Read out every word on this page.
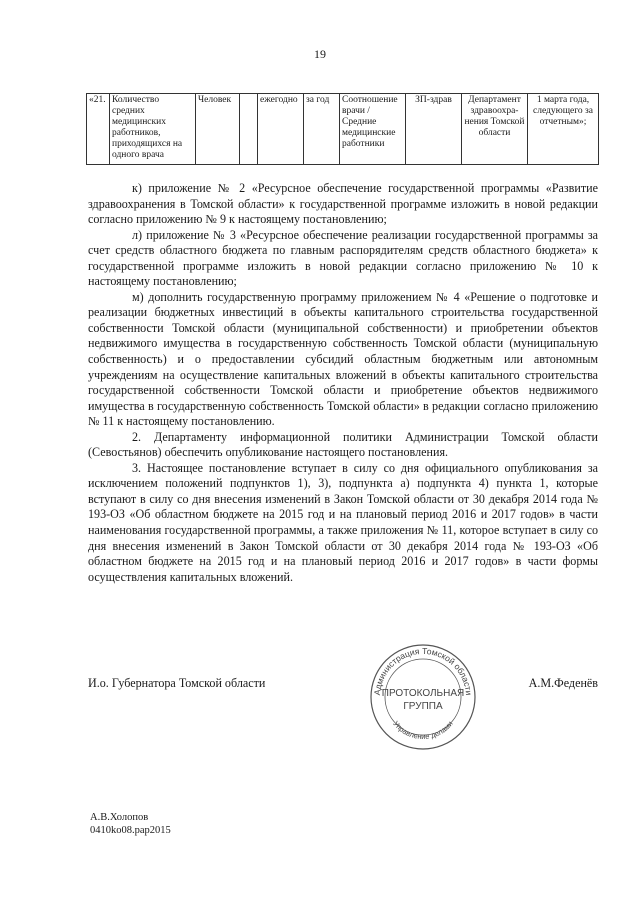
19
«21.	Количество средних медицинских работников, приходящихся на одного врача	Человек		ежегодно	за год	Соотношение врачи / Средние медицинские работники	ЗП-здрав	Департамент здравоохра-нения Томской области	1 марта года, следующего за отчетным»;

к) приложение № 2 «Ресурсное обеспечение государственной программы «Развитие здравоохранения в Томской области» к государственной программе изложить в новой редакции согласно приложению № 9 к настоящему постановлению;

л) приложение № 3 «Ресурсное обеспечение реализации государственной программы за счет средств областного бюджета по главным распорядителям средств областного бюджета» к государственной программе изложить в новой редакции согласно приложению № 10 к настоящему постановлению;

м) дополнить государственную программу приложением № 4 «Решение о подготовке и реализации бюджетных инвестиций в объекты капитального строительства государственной собственности Томской области (муниципальной собственности) и приобретении объектов недвижимого имущества в государственную собственность Томской области (муниципальную собственность) и о предоставлении субсидий областным бюджетным или автономным учреждениям на осуществление капитальных вложений в объекты капитального строительства государственной собственности Томской области и приобретение объектов недвижимого имущества в государственную собственность Томской области» в редакции согласно приложению № 11 к настоящему постановлению.

2. Департаменту информационной политики Администрации Томской области (Севостьянов) обеспечить опубликование настоящего постановления.

3. Настоящее постановление вступает в силу со дня официального опубликования за исключением положений подпунктов 1), 3), подпункта а) подпункта 4) пункта 1, которые вступают в силу со дня внесения изменений в Закон Томской области от 30 декабря 2014 года № 193-ОЗ «Об областном бюджете на 2015 год и на плановый период 2016 и 2017 годов» в части наименования государственной программы, а также приложения № 11, которое вступает в силу со дня внесения изменений в Закон Томской области от 30 декабря 2014 года № 193-ОЗ «Об областном бюджете на 2015 год и на плановый период 2016 и 2017 годов» в части формы осуществления капитальных вложений.

И.о. Губернатора Томской области	А.М.Феденёв
Администрация Томской области
Управление делами
ПРОТОКОЛЬНАЯ
ГРУППА
А.В.Холопов
0410ko08.pap2015
